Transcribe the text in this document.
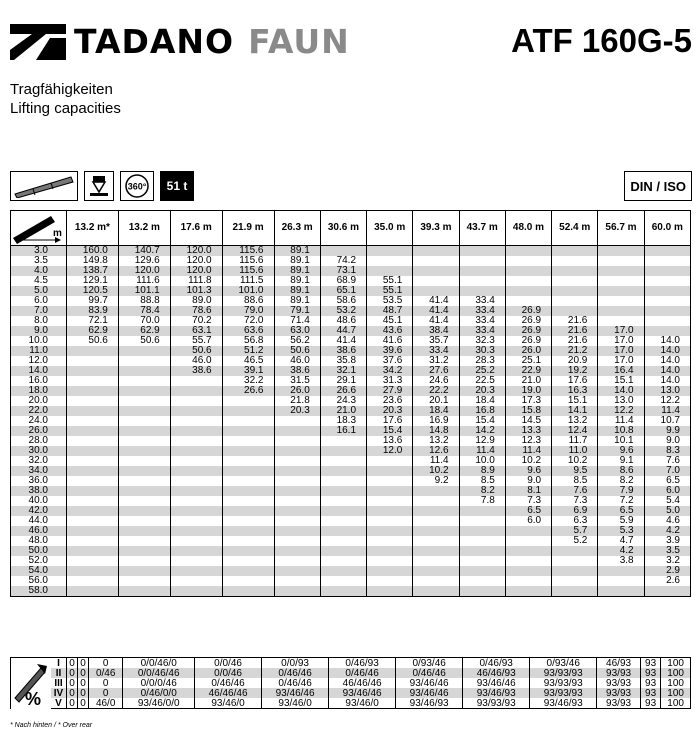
TADANO FAUN	ATF 160G-5
Tragfähigkeiten
Lifting capacities
360°	51 t	DIN / ISO
m	13.2 m*	13.2 m	17.6 m	21.9 m	26.3 m	30.6 m	35.0 m	39.3 m	43.7 m	48.0 m	52.4 m	56.7 m	60.0 m
3.0	160.0	140.7	120.0	115.6	89.1								
3.5	149.8	129.6	120.0	115.6	89.1	74.2							
4.0	138.7	120.0	120.0	115.6	89.1	73.1							
4.5	129.1	111.6	111.8	111.5	89.1	68.9	55.1						
5.0	120.5	101.1	101.3	101.0	89.1	65.1	55.1						
6.0	99.7	88.8	89.0	88.6	89.1	58.6	53.5	41.4	33.4				
7.0	83.9	78.4	78.6	79.0	79.1	53.2	48.7	41.4	33.4	26.9			
8.0	72.1	70.0	70.2	72.0	71.4	48.6	45.1	41.4	33.4	26.9	21.6		
9.0	62.9	62.9	63.1	63.6	63.0	44.7	43.6	38.4	33.4	26.9	21.6	17.0	
10.0	50.6	50.6	55.7	56.8	56.2	41.4	41.6	35.7	32.3	26.9	21.6	17.0	14.0
11.0			50.6	51.2	50.6	38.6	39.6	33.4	30.3	26.0	21.2	17.0	14.0
12.0			46.0	46.5	46.0	35.8	37.6	31.2	28.3	25.1	20.9	17.0	14.0
14.0			38.6	39.1	38.6	32.1	34.2	27.6	25.2	22.9	19.2	16.4	14.0
16.0				32.2	31.5	29.1	31.3	24.6	22.5	21.0	17.6	15.1	14.0
18.0				26.6	26.0	26.6	27.9	22.2	20.3	19.0	16.3	14.0	13.0
20.0					21.8	24.3	23.6	20.1	18.4	17.3	15.1	13.0	12.2
22.0					20.3	21.0	20.3	18.4	16.8	15.8	14.1	12.2	11.4
24.0						18.3	17.6	16.9	15.4	14.5	13.2	11.4	10.7
26.0						16.1	15.4	14.8	14.2	13.3	12.4	10.8	9.9
28.0							13.6	13.2	12.9	12.3	11.7	10.1	9.0
30.0							12.0	12.6	11.4	11.4	11.0	9.6	8.3
32.0								11.4	10.0	10.2	10.2	9.1	7.6
34.0								10.2	8.9	9.6	9.5	8.6	7.0
36.0								9.2	8.5	9.0	8.5	8.2	6.5
38.0									8.2	8.1	7.6	7.9	6.0
40.0									7.8	7.3	7.3	7.2	5.4
42.0										6.5	6.9	6.5	5.0
44.0										6.0	6.3	5.9	4.6
46.0											5.7	5.3	4.2
48.0											5.2	4.7	3.9
50.0												4.2	3.5
52.0												3.8	3.2
54.0													2.9
56.0													2.6
58.0													
%	I	0	0	0	0/0/46/0	0/0/46	0/0/93	0/46/93	0/93/46	0/46/93	0/93/46	46/93	93	100
	II	0	0	0/46	0/0/46/46	0/0/46	0/46/46	0/46/46	0/46/46	46/46/93	93/93/93	93/93	93	100
	III	0	0	0	0/0/0/46	0/46/46	0/46/46	46/46/46	93/46/46	93/46/46	93/93/93	93/93	93	100
	IV	0	0	0	0/46/0/0	46/46/46	93/46/46	93/46/46	93/46/46	93/46/93	93/93/93	93/93	93	100
	V	0	0	46/0	93/46/0/0	93/46/0	93/46/0	93/46/0	93/46/93	93/93/93	93/46/93	93/93	93	100
* Nach hinten / * Over rear
